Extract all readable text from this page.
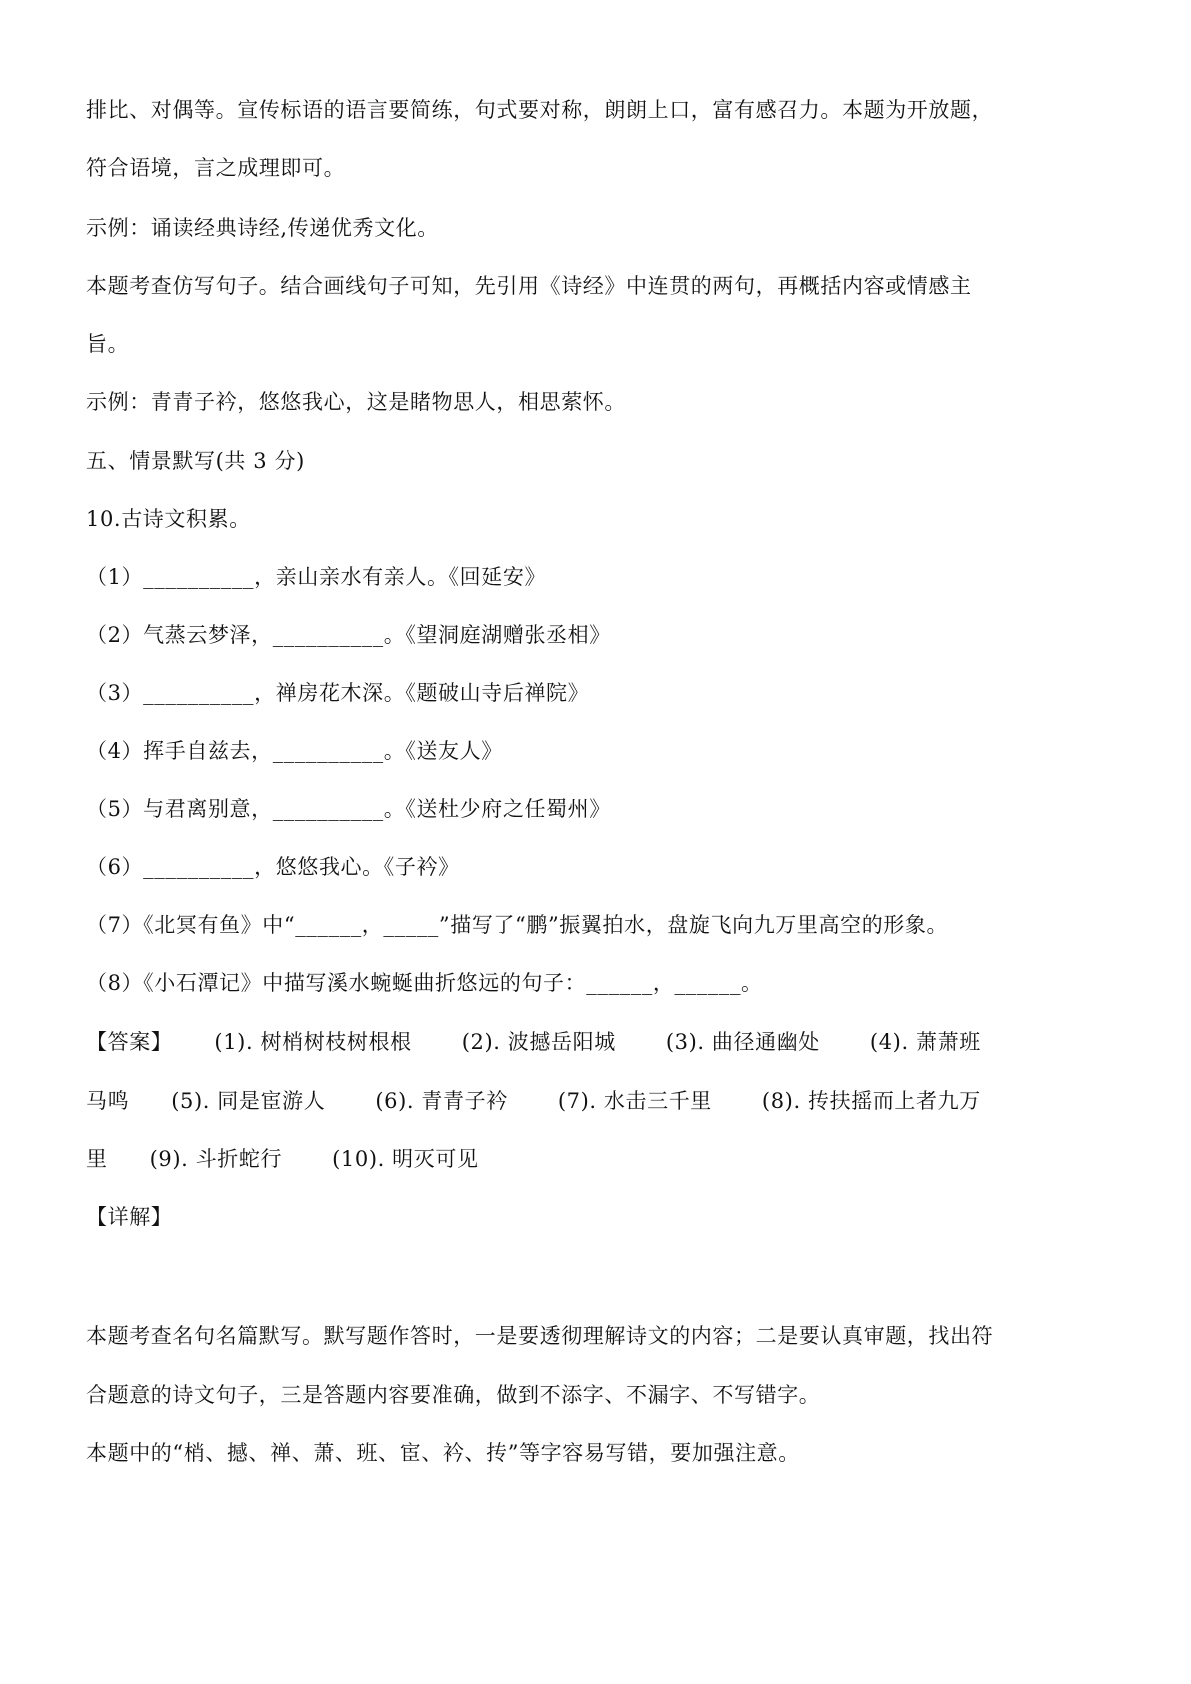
排比、对偶等。宣传标语的语言要简练，句式要对称，朗朗上口，富有感召力。本题为开放题，
符合语境，言之成理即可。
示例：诵读经典诗经,传递优秀文化。
本题考查仿写句子。结合画线句子可知，先引用《诗经》中连贯的两句，再概括内容或情感主
旨。
示例：青青子衿，悠悠我心，这是睹物思人，相思萦怀。
五、情景默写(共 3 分)
10.古诗文积累。
（1）__________，亲山亲水有亲人。《回延安》
（2）气蒸云梦泽，__________。《望洞庭湖赠张丞相》
（3）__________，禅房花木深。《题破山寺后禅院》
（4）挥手自兹去，__________。《送友人》
（5）与君离别意，__________。《送杜少府之任蜀州》
（6）__________，悠悠我心。《子衿》
（7）《北冥有鱼》中“______，_____”描写了“鹏”振翼拍水，盘旋飞向九万里高空的形象。
（8）《小石潭记》中描写溪水蜿蜒曲折悠远的句子：______，______。
【答案】 (1). 树梢树枝树根根 (2). 波撼岳阳城 (3). 曲径通幽处 (4). 萧萧班
马鸣 (5). 同是宦游人 (6). 青青子衿 (7). 水击三千里 (8). 抟扶摇而上者九万
里 (9). 斗折蛇行 (10). 明灭可见
【详解】
本题考查名句名篇默写。默写题作答时，一是要透彻理解诗文的内容；二是要认真审题，找出符
合题意的诗文句子，三是答题内容要准确，做到不添字、不漏字、不写错字。
本题中的“梢、撼、禅、萧、班、宦、衿、抟”等字容易写错，要加强注意。
